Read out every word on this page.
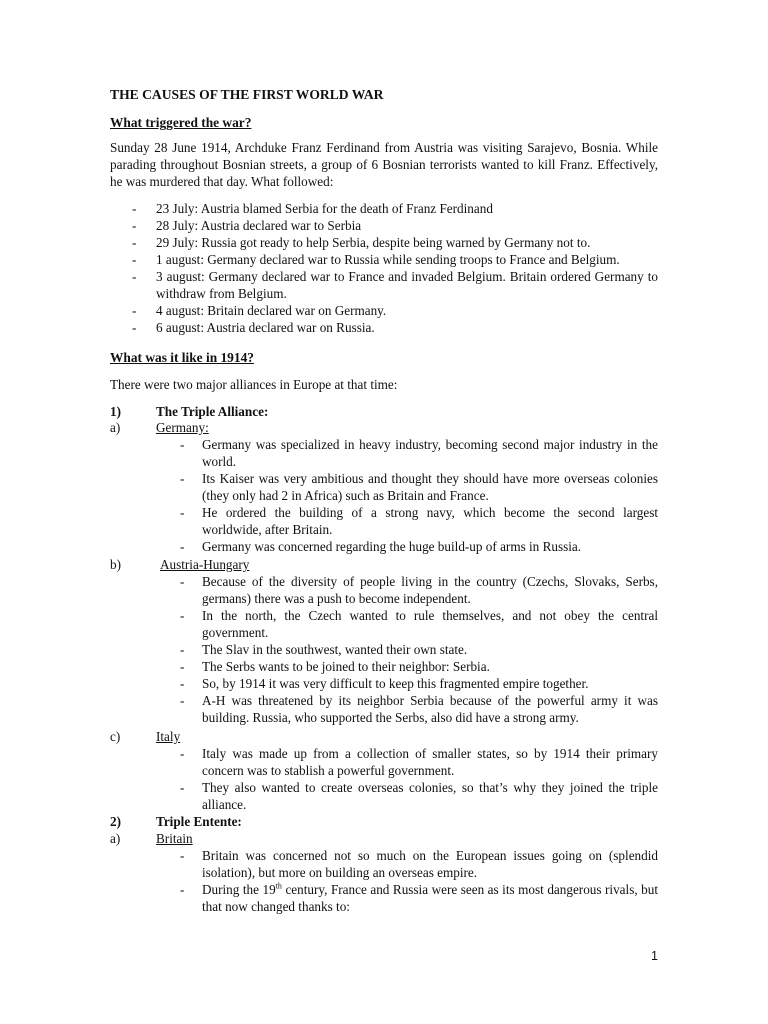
THE CAUSES OF THE FIRST WORLD WAR
What triggered the war?
Sunday 28 June 1914, Archduke Franz Ferdinand from Austria was visiting Sarajevo, Bosnia. While parading throughout Bosnian streets, a group of 6 Bosnian terrorists wanted to kill Franz. Effectively, he was murdered that day. What followed:
- 23 July: Austria blamed Serbia for the death of Franz Ferdinand
- 28 July: Austria declared war to Serbia
- 29 July: Russia got ready to help Serbia, despite being warned by Germany not to.
- 1 august: Germany declared war to Russia while sending troops to France and Belgium.
- 3 august: Germany declared war to France and invaded Belgium. Britain ordered Germany to withdraw from Belgium.
- 4 august: Britain declared war on Germany.
- 6 august: Austria declared war on Russia.
What was it like in 1914?
There were two major alliances in Europe at that time:
1)	The Triple Alliance:
a)	Germany:
- Germany was specialized in heavy industry, becoming second major industry in the world.
- Its Kaiser was very ambitious and thought they should have more overseas colonies (they only had 2 in Africa) such as Britain and France.
- He ordered the building of a strong navy, which become the second largest worldwide, after Britain.
- Germany was concerned regarding the huge build-up of arms in Russia.
b)	Austria-Hungary
- Because of the diversity of people living in the country (Czechs, Slovaks, Serbs, germans) there was a push to become independent.
- In the north, the Czech wanted to rule themselves, and not obey the central government.
- The Slav in the southwest, wanted their own state.
- The Serbs wants to be joined to their neighbor: Serbia.
- So, by 1914 it was very difficult to keep this fragmented empire together.
- A-H was threatened by its neighbor Serbia because of the powerful army it was building. Russia, who supported the Serbs, also did have a strong army.
c)	Italy
- Italy was made up from a collection of smaller states, so by 1914 their primary concern was to stablish a powerful government.
- They also wanted to create overseas colonies, so that’s why they joined the triple alliance.
2)	Triple Entente:
a)	Britain
- Britain was concerned not so much on the European issues going on (splendid isolation), but more on building an overseas empire.
- During the 19th century, France and Russia were seen as its most dangerous rivals, but that now changed thanks to:
1
